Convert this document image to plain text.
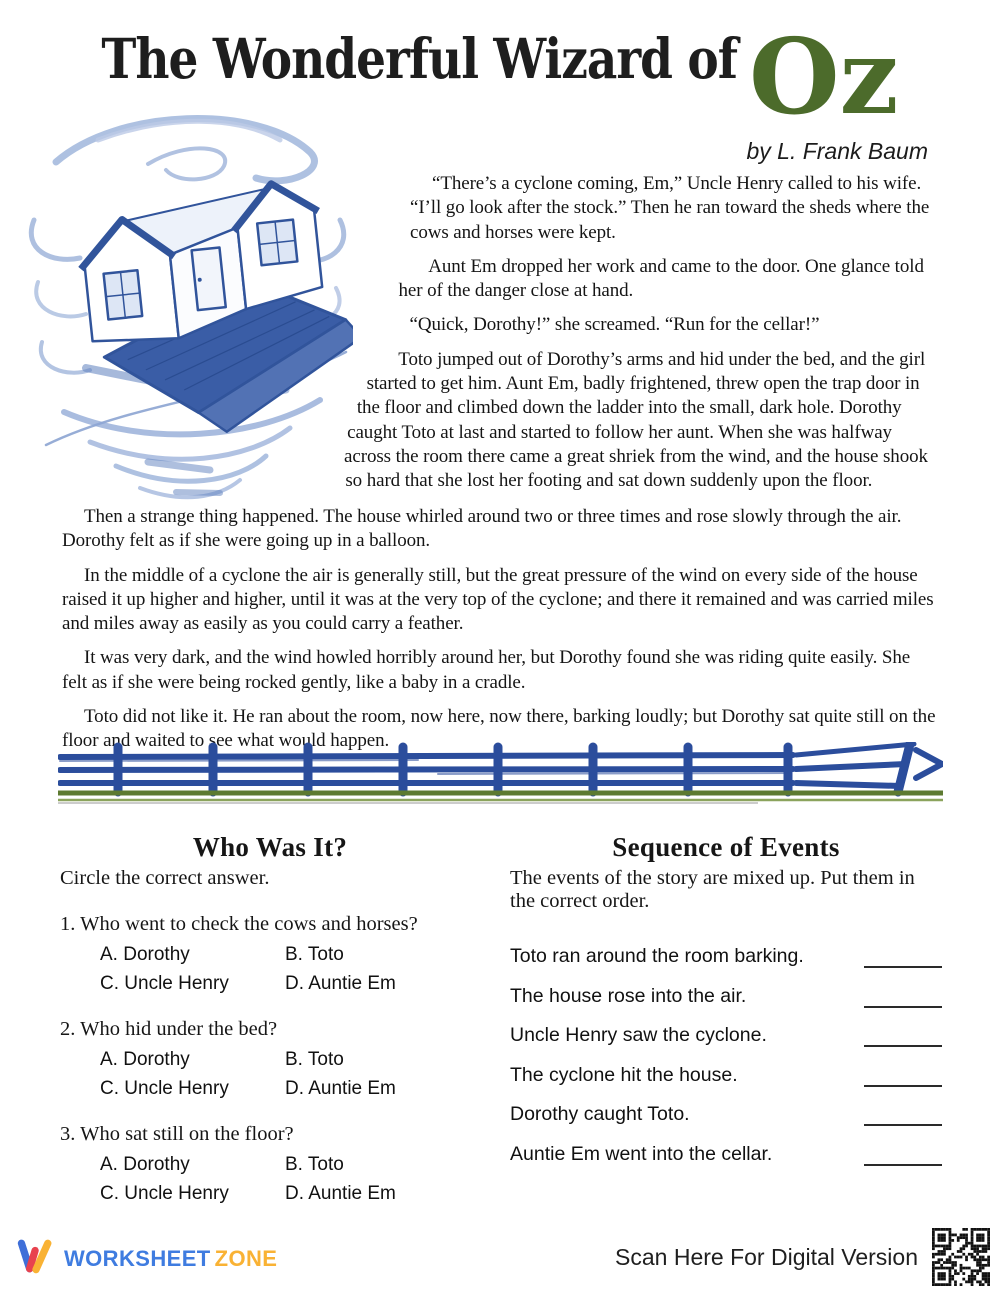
The Wonderful Wizard of Oz
by L. Frank Baum

“There’s a cyclone coming, Em,” Uncle Henry called to his wife. “I’ll go look after the stock.” Then he ran toward the sheds where the cows and horses were kept.

Aunt Em dropped her work and came to the door. One glance told her of the danger close at hand.

“Quick, Dorothy!” she screamed. “Run for the cellar!”

Toto jumped out of Dorothy’s arms and hid under the bed, and the girl started to get him. Aunt Em, badly frightened, threw open the trap door in the floor and climbed down the ladder into the small, dark hole. Dorothy caught Toto at last and started to follow her aunt. When she was halfway across the room there came a great shriek from the wind, and the house shook so hard that she lost her footing and sat down suddenly upon the floor.

Then a strange thing happened. The house whirled around two or three times and rose slowly through the air. Dorothy felt as if she were going up in a balloon.

In the middle of a cyclone the air is generally still, but the great pressure of the wind on every side of the house raised it up higher and higher, until it was at the very top of the cyclone; and there it remained and was carried miles and miles away as easily as you could carry a feather.

It was very dark, and the wind howled horribly around her, but Dorothy found she was riding quite easily. She felt as if she were being rocked gently, like a baby in a cradle.

Toto did not like it. He ran about the room, now here, now there, barking loudly; but Dorothy sat quite still on the floor and waited to see what would happen.

Who Was It?
Circle the correct answer.
1. Who went to check the cows and horses?
A. Dorothy	B. Toto
C. Uncle Henry	D. Auntie Em
2. Who hid under the bed?
A. Dorothy	B. Toto
C. Uncle Henry	D. Auntie Em
3. Who sat still on the floor?
A. Dorothy	B. Toto
C. Uncle Henry	D. Auntie Em
Sequence of Events
The events of the story are mixed up. Put them in the correct order.
Toto ran around the room barking.
The house rose into the air.
Uncle Henry saw the cyclone.
The cyclone hit the house.
Dorothy caught Toto.
Auntie Em went into the cellar.
WORKSHEET ZONE	Scan Here For Digital Version
